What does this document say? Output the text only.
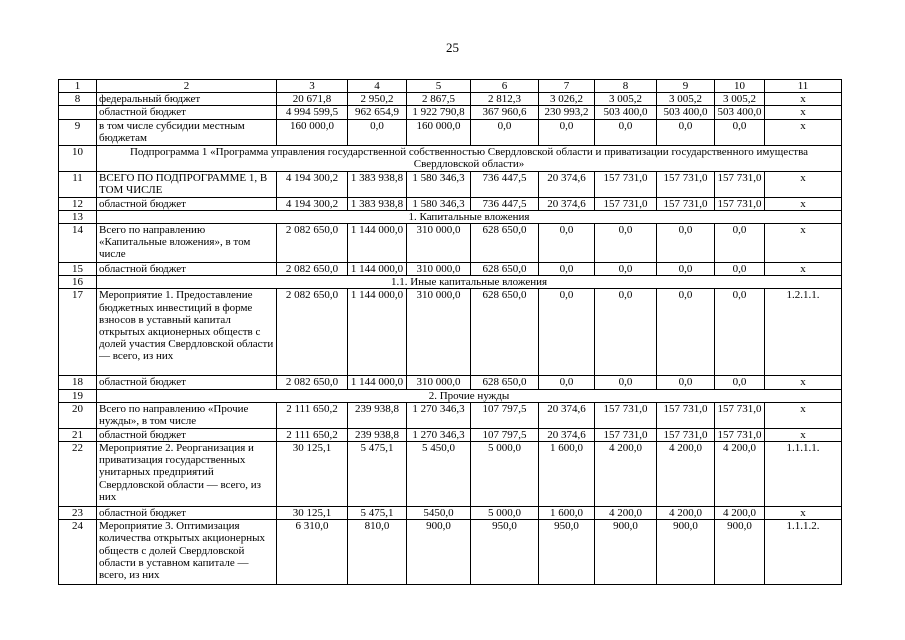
25
1	2	3	4	5	6	7	8	9	10	11
8	федеральный бюджет	20 671,8	2 950,2	2 867,5	2 812,3	3 026,2	3 005,2	3 005,2	3 005,2	x
	областной бюджет	4 994 599,5	962 654,9	1 922 790,8	367 960,6	230 993,2	503 400,0	503 400,0	503 400,0	x
9	в том числе субсидии местным бюджетам	160 000,0	0,0	160 000,0	0,0	0,0	0,0	0,0	0,0	x
10	Подпрограмма 1 «Программа управления государственной собственностью Свердловской области и приватизации государственного имущества Свердловской области»									
11	ВСЕГО ПО ПОДПРОГРАММЕ 1, В ТОМ ЧИСЛЕ	4 194 300,2	1 383 938,8	1 580 346,3	736 447,5	20 374,6	157 731,0	157 731,0	157 731,0	x
12	областной бюджет	4 194 300,2	1 383 938,8	1 580 346,3	736 447,5	20 374,6	157 731,0	157 731,0	157 731,0	x
13	1. Капитальные вложения									
14	Всего по направлению «Капитальные вложения», в том числе	2 082 650,0	1 144 000,0	310 000,0	628 650,0	0,0	0,0	0,0	0,0	x
15	областной бюджет	2 082 650,0	1 144 000,0	310 000,0	628 650,0	0,0	0,0	0,0	0,0	x
16	1.1. Иные капитальные вложения									
17	Мероприятие 1. Предоставление бюджетных инвестиций в форме взносов в уставный капитал открытых акционерных обществ с долей участия Свердловской области — всего, из них	2 082 650,0	1 144 000,0	310 000,0	628 650,0	0,0	0,0	0,0	0,0	1.2.1.1.
18	областной бюджет	2 082 650,0	1 144 000,0	310 000,0	628 650,0	0,0	0,0	0,0	0,0	x
19	2. Прочие нужды									
20	Всего по направлению «Прочие нужды», в том числе	2 111 650,2	239 938,8	1 270 346,3	107 797,5	20 374,6	157 731,0	157 731,0	157 731,0	x
21	областной бюджет	2 111 650,2	239 938,8	1 270 346,3	107 797,5	20 374,6	157 731,0	157 731,0	157 731,0	x
22	Мероприятие 2. Реорганизация и приватизация государственных унитарных предприятий Свердловской области — всего, из них	30 125,1	5 475,1	5 450,0	5 000,0	1 600,0	4 200,0	4 200,0	4 200,0	1.1.1.1.
23	областной бюджет	30 125,1	5 475,1	5450,0	5 000,0	1 600,0	4 200,0	4 200,0	4 200,0	x
24	Мероприятие 3. Оптимизация количества открытых акционерных обществ с долей Свердловской области в уставном капитале — всего, из них	6 310,0	810,0	900,0	950,0	950,0	900,0	900,0	900,0	1.1.1.2.
